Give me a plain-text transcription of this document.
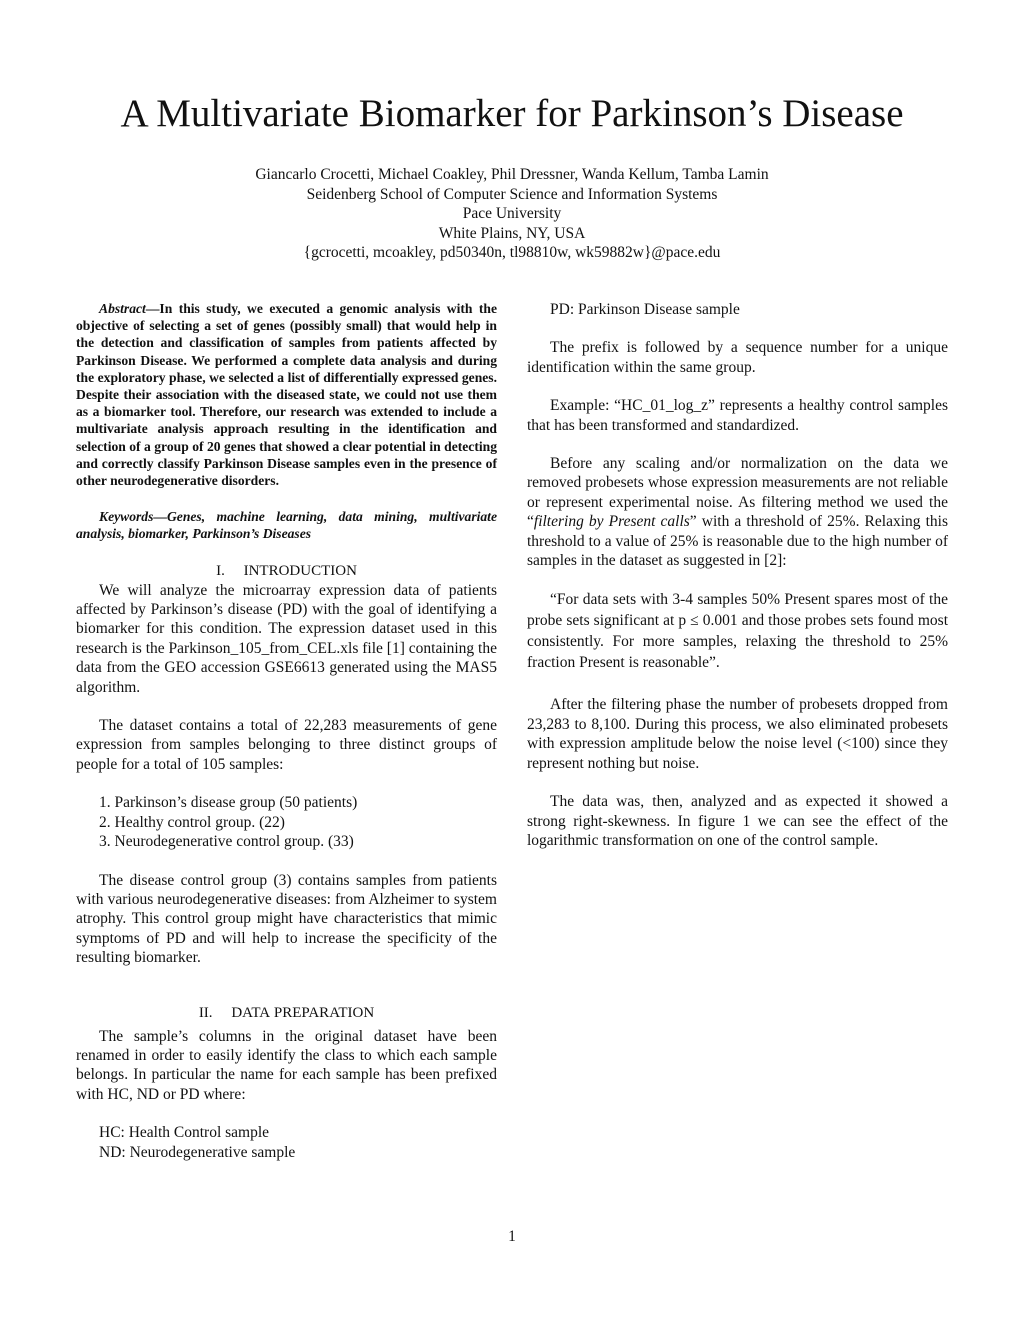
A Multivariate Biomarker for Parkinson’s Disease
Giancarlo Crocetti, Michael Coakley, Phil Dressner, Wanda Kellum, Tamba Lamin
Seidenberg School of Computer Science and Information Systems
Pace University
White Plains, NY, USA
{gcrocetti, mcoakley, pd50340n, tl98810w, wk59882w}@pace.edu

Abstract—In this study, we executed a genomic analysis with the objective of selecting a set of genes (possibly small) that would help in the detection and classification of samples from patients affected by Parkinson Disease. We performed a complete data analysis and during the exploratory phase, we selected a list of differentially expressed genes. Despite their association with the diseased state, we could not use them as a biomarker tool. Therefore, our research was extended to include a multivariate analysis approach resulting in the identification and selection of a group of 20 genes that showed a clear potential in detecting and correctly classify Parkinson Disease samples even in the presence of other neurodegenerative disorders.

Keywords—Genes, machine learning, data mining, multivariate analysis, biomarker, Parkinson’s Diseases

I. INTRODUCTION

We will analyze the microarray expression data of patients affected by Parkinson’s disease (PD) with the goal of identifying a biomarker for this condition. The expression dataset used in this research is the Parkinson_105_from_CEL.xls file [1] containing the data from the GEO accession GSE6613 generated using the MAS5 algorithm.

The dataset contains a total of 22,283 measurements of gene expression from samples belonging to three distinct groups of people for a total of 105 samples:

1. Parkinson’s disease group (50 patients)
2. Healthy control group. (22)
3. Neurodegenerative control group. (33)

The disease control group (3) contains samples from patients with various neurodegenerative diseases: from Alzheimer to system atrophy. This control group might have characteristics that mimic symptoms of PD and will help to increase the specificity of the resulting biomarker.

II. DATA PREPARATION

The sample’s columns in the original dataset have been renamed in order to easily identify the class to which each sample belongs. In particular the name for each sample has been prefixed with HC, ND or PD where:

HC: Health Control sample
ND: Neurodegenerative sample
PD: Parkinson Disease sample

The prefix is followed by a sequence number for a unique identification within the same group.

Example: “HC_01_log_z” represents a healthy control samples that has been transformed and standardized.

Before any scaling and/or normalization on the data we removed probesets whose expression measurements are not reliable or represent experimental noise. As filtering method we used the “filtering by Present calls” with a threshold of 25%. Relaxing this threshold to a value of 25% is reasonable due to the high number of samples in the dataset as suggested in [2]:

“For data sets with 3-4 samples 50% Present spares most of the probe sets significant at p ≤ 0.001 and those probes sets found most consistently. For more samples, relaxing the threshold to 25% fraction Present is reasonable”.

After the filtering phase the number of probesets dropped from 23,283 to 8,100. During this process, we also eliminated probesets with expression amplitude below the noise level (<100) since they represent nothing but noise.

The data was, then, analyzed and as expected it showed a strong right-skewness. In figure 1 we can see the effect of the logarithmic transformation on one of the control sample.

1
